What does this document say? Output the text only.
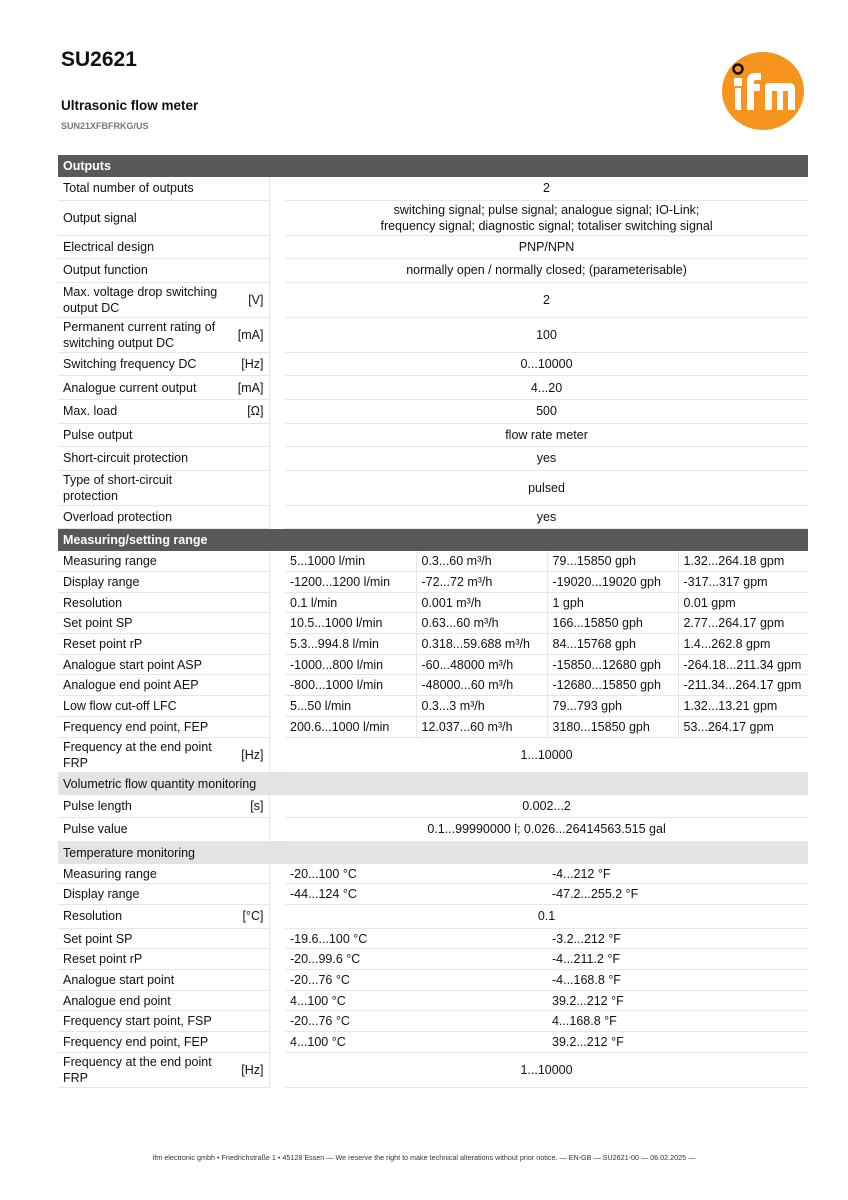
SU2621
Ultrasonic flow meter
SUN21XFBFRKG/US
Outputs						
Total number of outputs			2			
Output signal			switching signal; pulse signal; analogue signal; IO-Link;
frequency signal; diagnostic signal; totaliser switching signal			
Electrical design			PNP/NPN			
Output function			normally open / normally closed; (parameterisable)			
Max. voltage drop switching
output DC	[V]		2			
Permanent current rating of
switching output DC	[mA]		100			
Switching frequency DC	[Hz]		0...10000			
Analogue current output	[mA]		4...20			
Max. load	[Ω]		500			
Pulse output			flow rate meter			
Short-circuit protection			yes			
Type of short-circuit
protection			pulsed			
Overload protection			yes			
Measuring/setting range						
Measuring range			5...1000 l/min	0.3...60 m³/h	79...15850 gph	1.32...264.18 gpm
Display range			-1200...1200 l/min	-72...72 m³/h	-19020...19020 gph	-317...317 gpm
Resolution			0.1 l/min	0.001 m³/h	1 gph	0.01 gpm
Set point SP			10.5...1000 l/min	0.63...60 m³/h	166...15850 gph	2.77...264.17 gpm
Reset point rP			5.3...994.8 l/min	0.318...59.688 m³/h	84...15768 gph	1.4...262.8 gpm
Analogue start point ASP			-1000...800 l/min	-60...48000 m³/h	-15850...12680 gph	-264.18...211.34 gpm
Analogue end point AEP			-800...1000 l/min	-48000...60 m³/h	-12680...15850 gph	-211.34...264.17 gpm
Low flow cut-off LFC			5...50 l/min	0.3...3 m³/h	79...793 gph	1.32...13.21 gpm
Frequency end point, FEP			200.6...1000 l/min	12.037...60 m³/h	3180...15850 gph	53...264.17 gpm
Frequency at the end point
FRP	[Hz]		1...10000			
Volumetric flow quantity monitoring						
Pulse length	[s]		0.002...2			
Pulse value			0.1...99990000 l; 0.026...26414563.515 gal			
Temperature monitoring						
Measuring range			-20...100 °C		-4...212 °F	
Display range			-44...124 °C		-47.2...255.2 °F	
Resolution	[°C]		0.1			
Set point SP			-19.6...100 °C		-3.2...212 °F	
Reset point rP			-20...99.6 °C		-4...211.2 °F	
Analogue start point			-20...76 °C		-4...168.8 °F	
Analogue end point			4...100 °C		39.2...212 °F	
Frequency start point, FSP			-20...76 °C		4...168.8 °F	
Frequency end point, FEP			4...100 °C		39.2...212 °F	
Frequency at the end point
FRP	[Hz]		1...10000			
ifm electronic gmbh • Friedrichstraße 1 • 45128 Essen — We reserve the right to make technical alterations without prior notice. — EN-GB — SU2621-00 — 06.02.2025 —
